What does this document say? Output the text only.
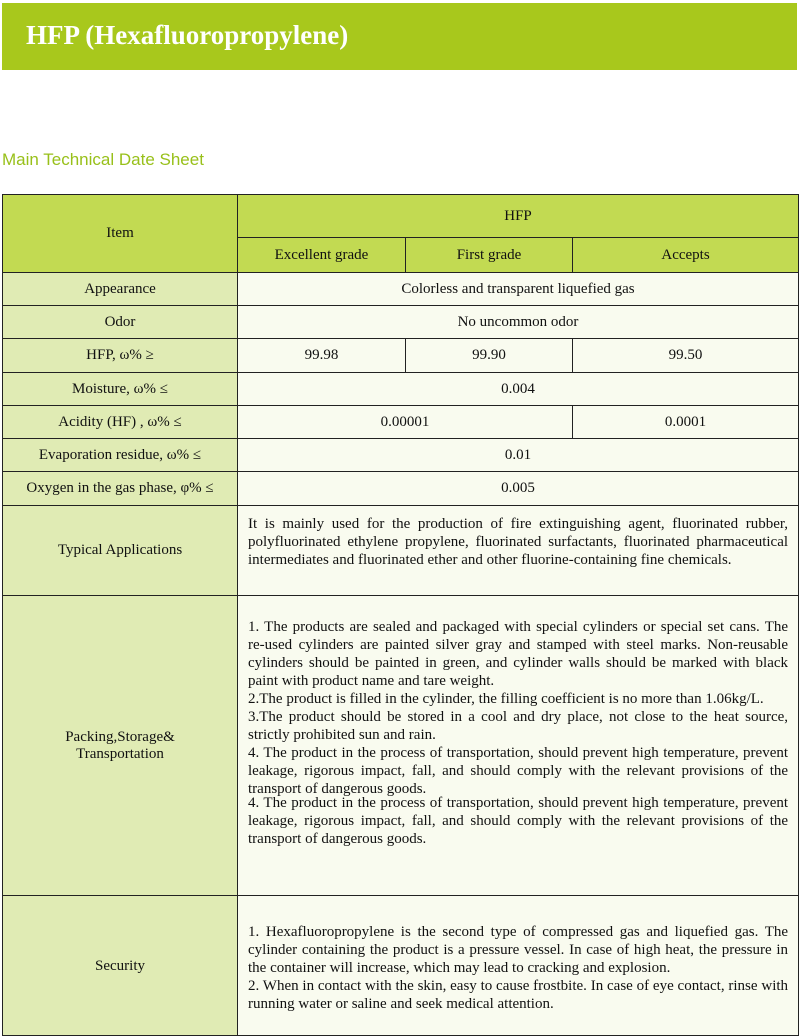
HFP (Hexafluoropropylene)
Main Technical Date Sheet
Item	HFP		
	Excellent grade	First grade	Accepts
Appearance	Colorless and transparent liquefied gas		
Odor	No uncommon odor		
HFP, ω% ≥	99.98	99.90	99.50
Moisture, ω% ≤	0.004		
Acidity (HF) , ω% ≤	0.00001		0.0001
Evaporation residue, ω% ≤	0.01		
Oxygen in the gas phase, φ% ≤	0.005		
Typical Applications	It is mainly used for the production of fire extinguishing agent, fluorinated rubber, polyfluorinated ethylene propylene, fluorinated surfactants, fluorinated pharmaceutical intermediates and fluorinated ether and other fluorine-containing fine chemicals.		

Packing,Storage& Transportation	1. The products are sealed and packaged with special cylinders or special set cans. The re-used cylinders are painted silver gray and stamped with steel marks. Non-reusable cylinders should be painted in green, and cylinder walls should be marked with black paint with product name and tare weight.

2.The product is filled in the cylinder, the filling coefficient is no more than 1.06kg/L.

3.The product should be stored in a cool and dry place, not close to the heat source, strictly prohibited sun and rain.

4. The product in the process of transportation, should prevent high temperature, prevent leakage, rigorous impact, fall, and should comply with the relevant provisions of the transport of dangerous goods.

4. The product in the process of transportation, should prevent high temperature, prevent leakage, rigorous impact, fall, and should comply with the relevant provisions of the transport of dangerous goods.		

Security	1. Hexafluoropropylene is the second type of compressed gas and liquefied gas. The cylinder containing the product is a pressure vessel. In case of high heat, the pressure in the container will increase, which may lead to cracking and explosion.

2. When in contact with the skin, easy to cause frostbite. In case of eye contact, rinse with running water or saline and seek medical attention.		
